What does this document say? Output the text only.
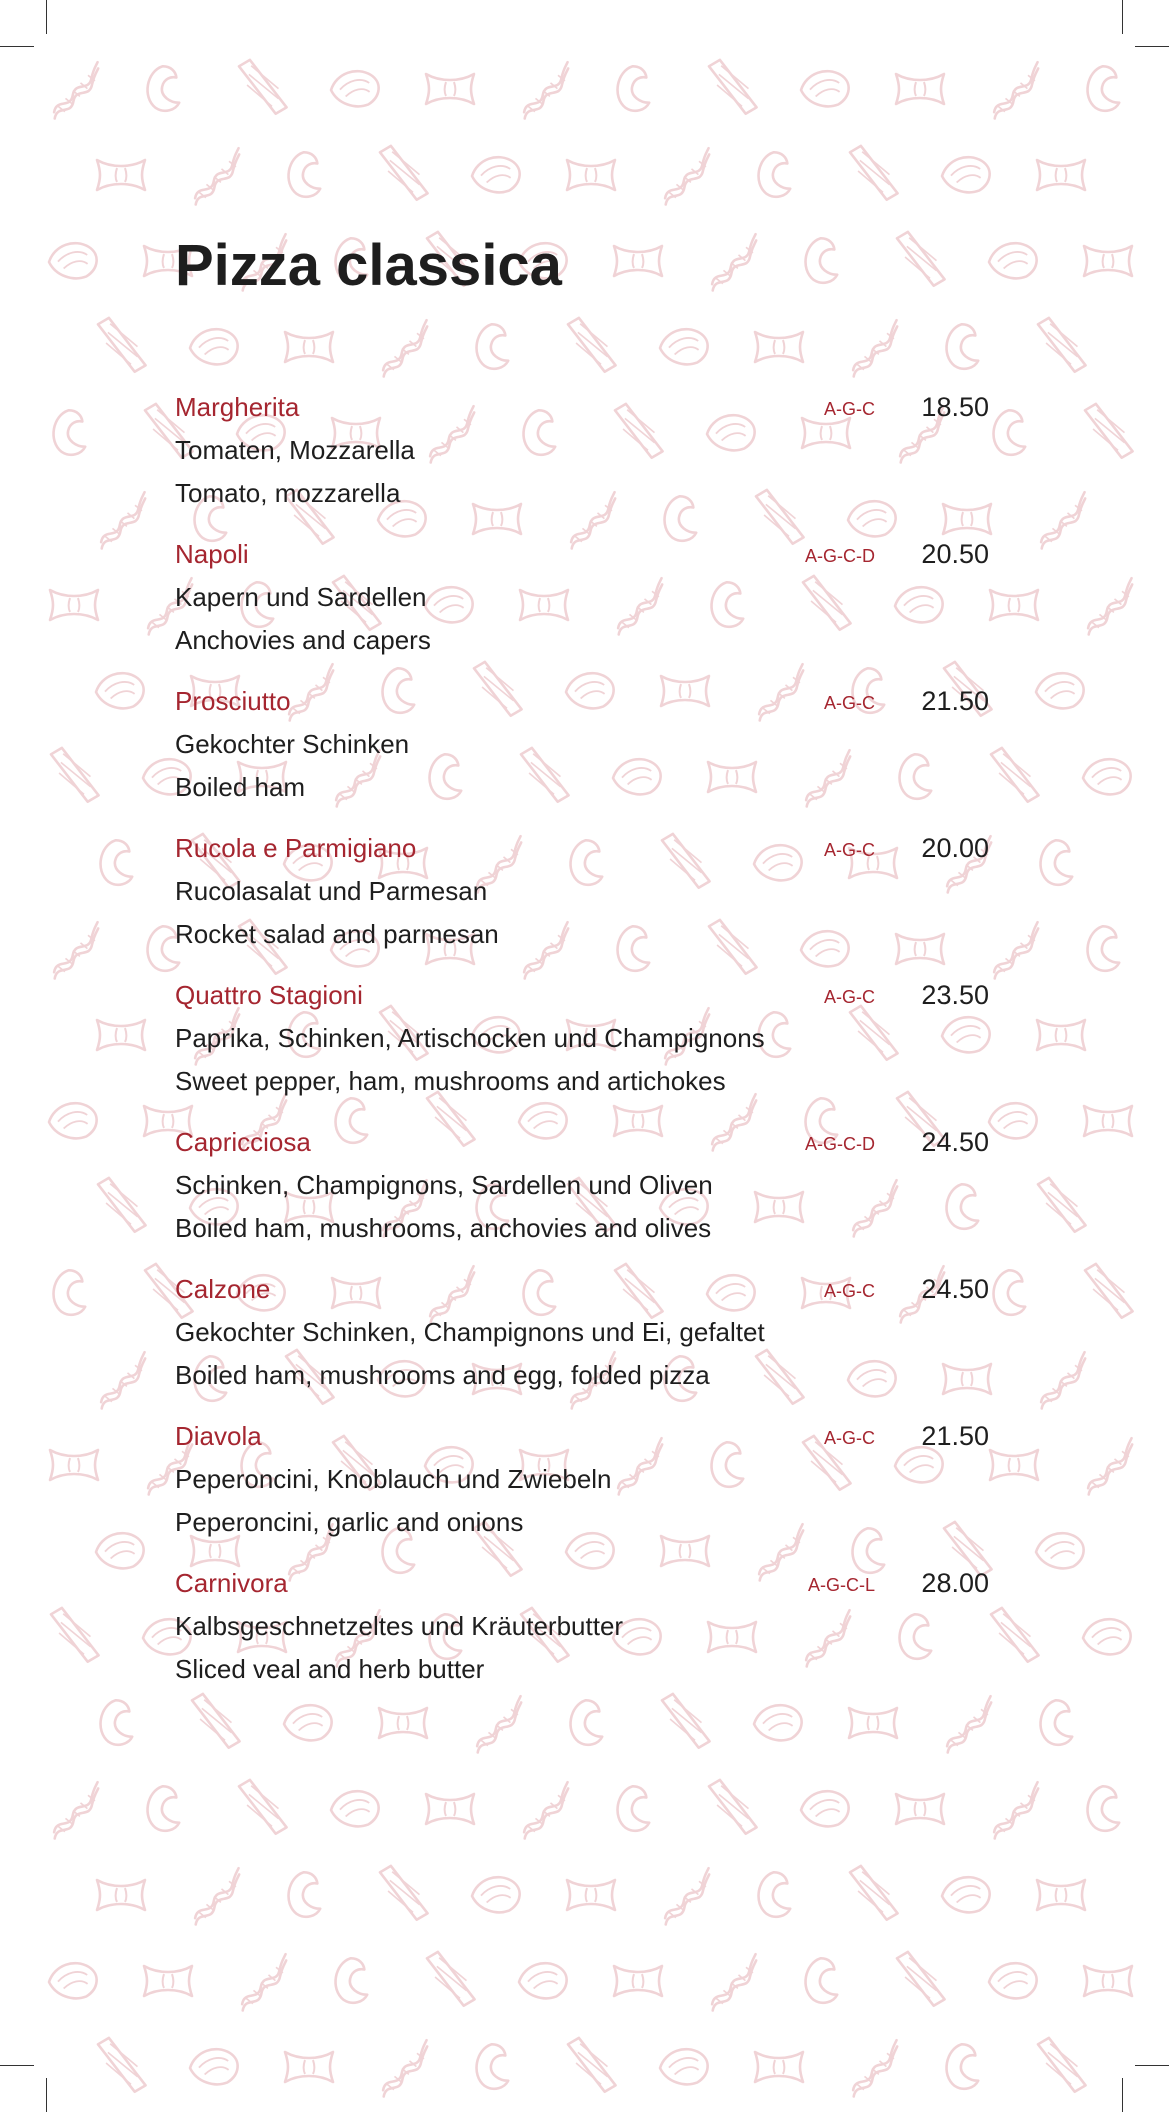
Pizza classica
Margherita	A-G-C 18.50
Tomaten, Mozzarella
Tomato, mozzarella
Napoli	A-G-C-D 20.50
Kapern und Sardellen
Anchovies and capers
Prosciutto	A-G-C 21.50
Gekochter Schinken
Boiled ham
Rucola e Parmigiano	A-G-C 20.00
Rucolasalat und Parmesan
Rocket salad and parmesan
Quattro Stagioni	A-G-C 23.50
Paprika, Schinken, Artischocken und Champignons
Sweet pepper, ham, mushrooms and artichokes
Capricciosa	A-G-C-D 24.50
Schinken, Champignons, Sardellen und Oliven
Boiled ham, mushrooms, anchovies and olives
Calzone	A-G-C 24.50
Gekochter Schinken, Champignons und Ei, gefaltet
Boiled ham, mushrooms and egg, folded pizza
Diavola	A-G-C 21.50
Peperoncini, Knoblauch und Zwiebeln
Peperoncini, garlic and onions
Carnivora	A-G-C-L 28.00
Kalbsgeschnetzeltes und Kräuterbutter
Sliced veal and herb butter
